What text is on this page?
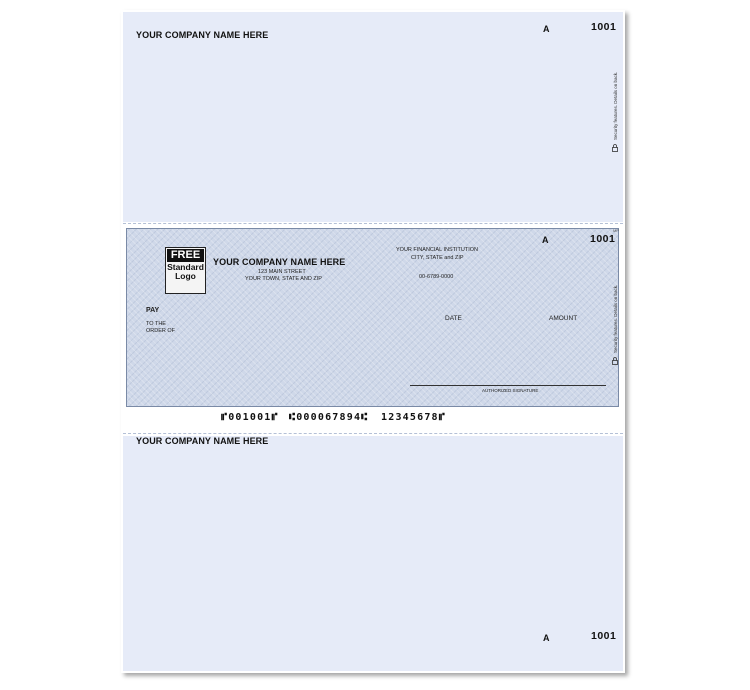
YOUR COMPANY NAME HERE
A	1001
Security features. Details on back.
MP
FREE
Standard
Logo
YOUR COMPANY NAME HERE
123 MAIN STREET
YOUR TOWN, STATE AND ZIP
YOUR FINANCIAL INSTITUTION
CITY, STATE and ZIP
00-6789-0000
A	1001
PAY
TO THE
ORDER OF
DATE	AMOUNT	Security features. Details on back.
AUTHORIZED SIGNATURE
⑈001001⑈ ⑆000067894⑆ 12345678⑈
YOUR COMPANY NAME HERE
A	1001
